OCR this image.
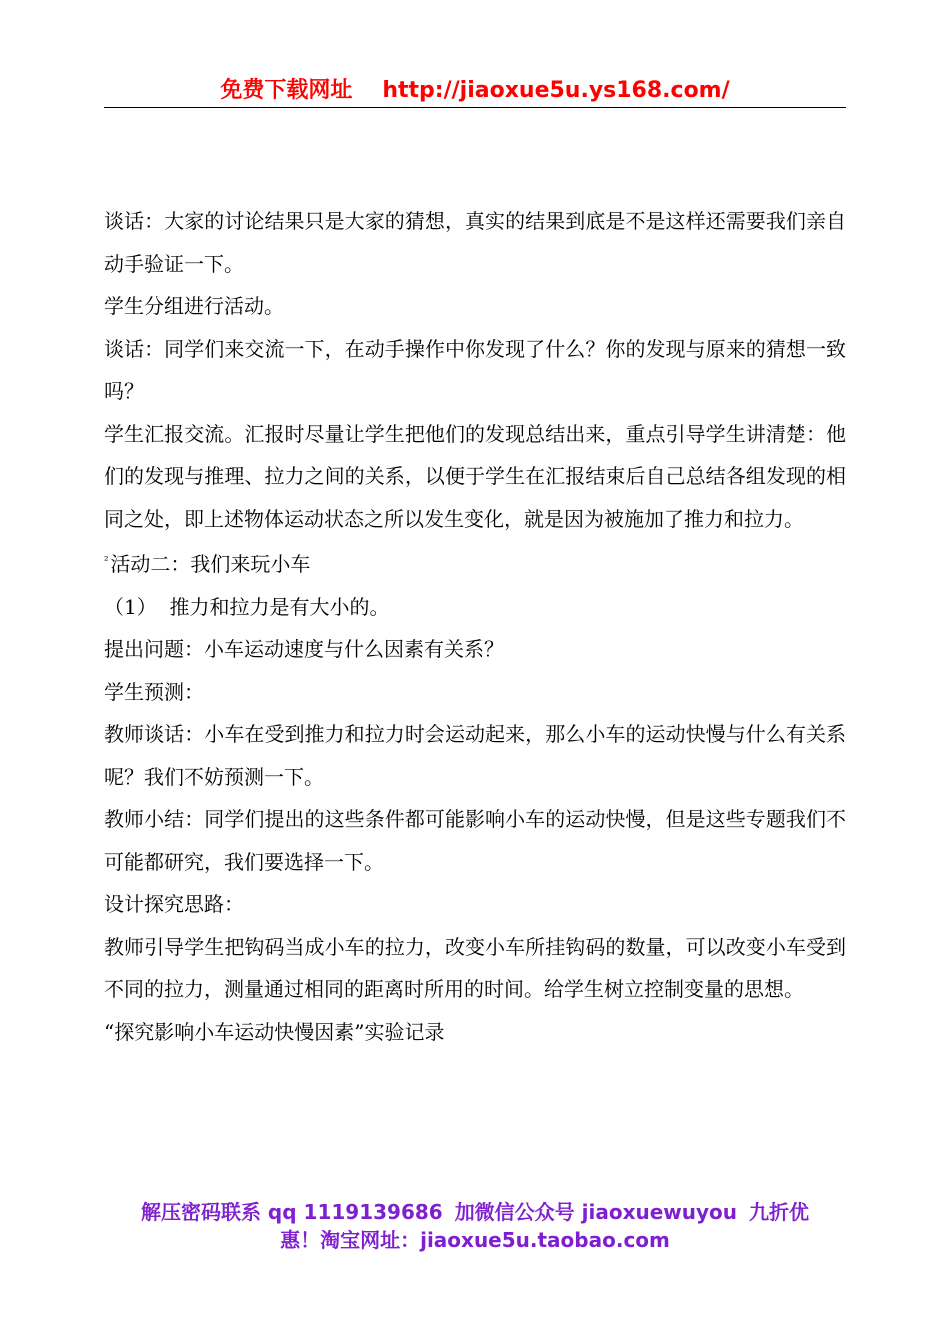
免费下载网址 http://jiaoxue5u.ys168.com/

谈话：大家的讨论结果只是大家的猜想，真实的结果到底是不是这样还需要我们亲自动手验证一下。

学生分组进行活动。

谈话：同学们来交流一下，在动手操作中你发现了什么？你的发现与原来的猜想一致吗？

学生汇报交流。汇报时尽量让学生把他们的发现总结出来，重点引导学生讲清楚：他们的发现与推理、拉力之间的关系，以便于学生在汇报结束后自己总结各组发现的相同之处，即上述物体运动状态之所以发生变化，就是因为被施加了推力和拉力。

$^{^2}$ 活动二：我们来玩小车

（1）  推力和拉力是有大小的。

提出问题：小车运动速度与什么因素有关系？

学生预测：

教师谈话：小车在受到推力和拉力时会运动起来，那么小车的运动快慢与什么有关系呢？我们不妨预测一下。

教师小结：同学们提出的这些条件都可能影响小车的运动快慢，但是这些专题我们不可能都研究，我们要选择一下。

设计探究思路：

教师引导学生把钩码当成小车的拉力，改变小车所挂钩码的数量，可以改变小车受到不同的拉力，测量通过相同的距离时所用的时间。给学生树立控制变量的思想。

“探究影响小车运动快慢因素”实验记录

解压密码联系 qq 1119139686 加微信公众号 jiaoxuewuyou 九折优
惠！淘宝网址：jiaoxue5u.taobao.com
